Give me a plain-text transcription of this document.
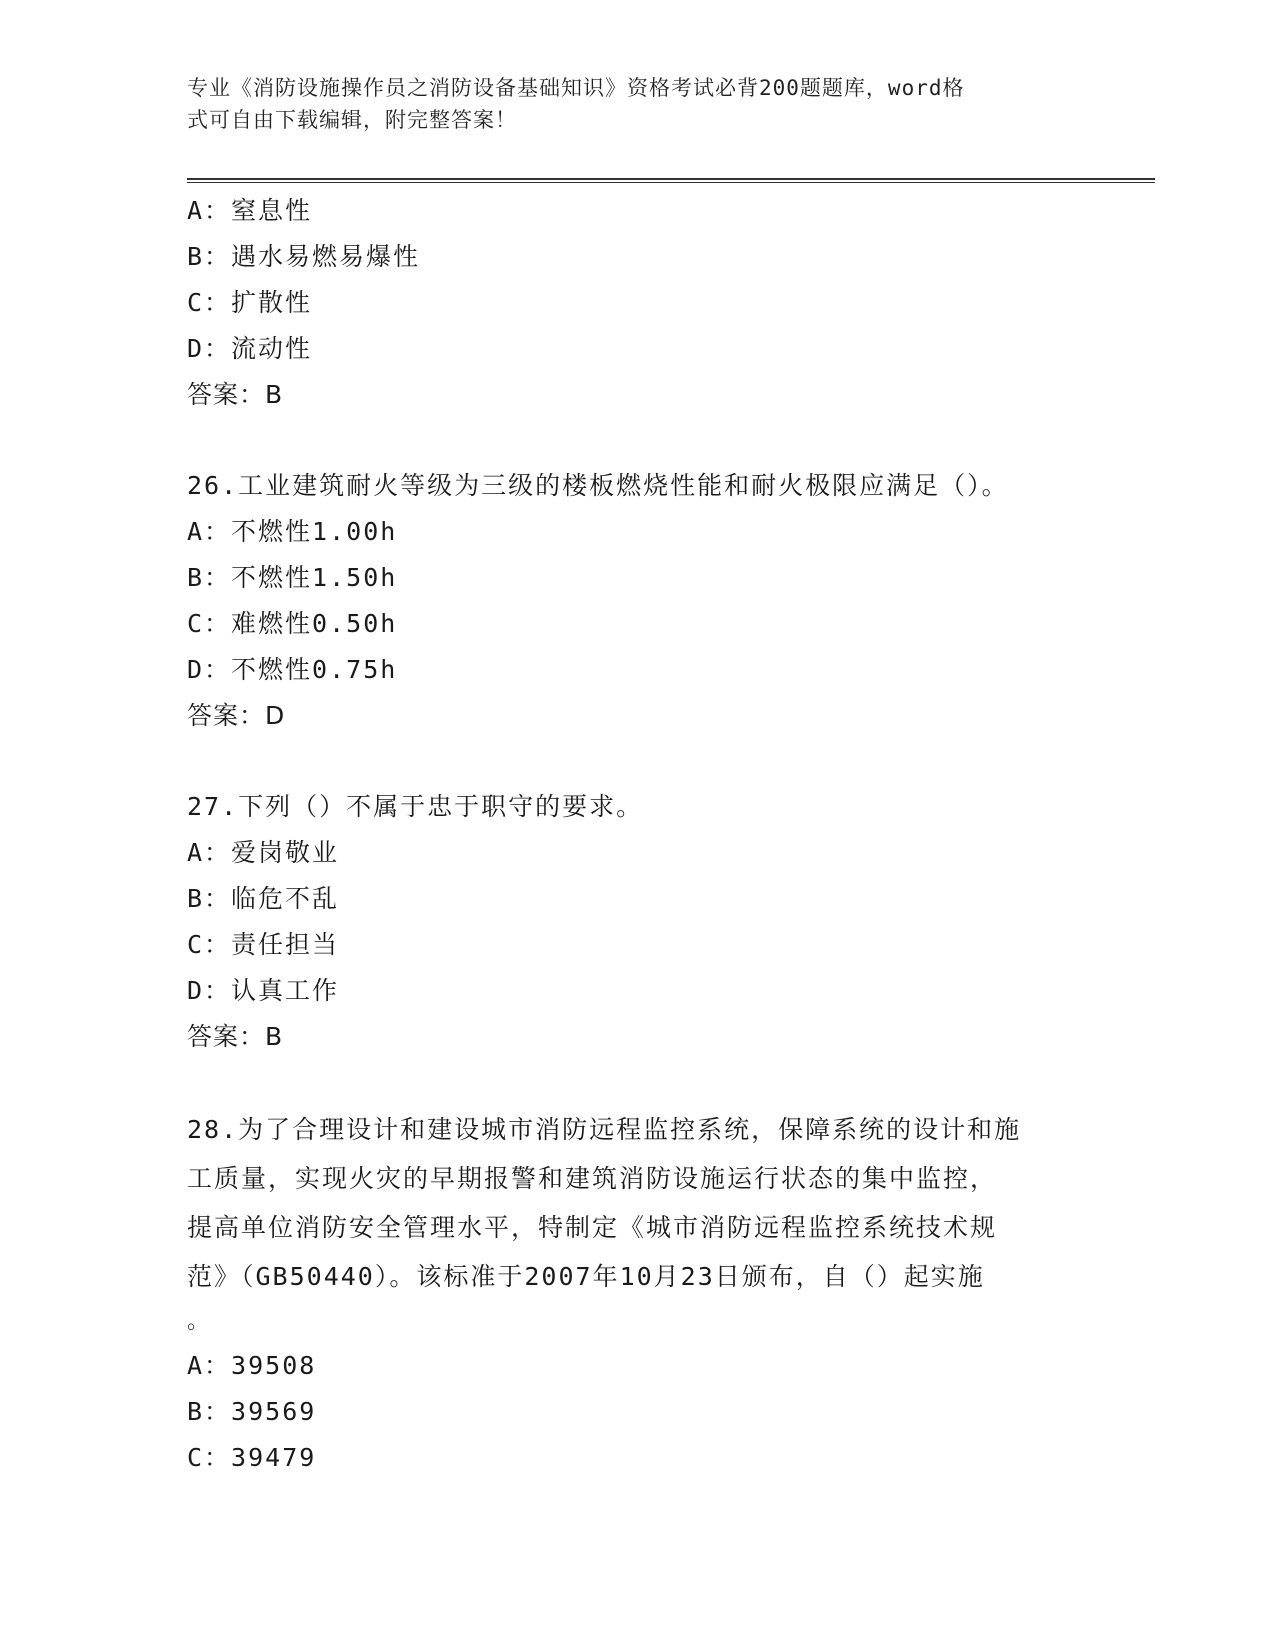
专业《消防设施操作员之消防设备基础知识》资格考试必背200题题库，word格
式可自由下载编辑，附完整答案！
A：窒息性
B：遇水易燃易爆性
C：扩散性
D：流动性
答案：B
26.工业建筑耐火等级为三级的楼板燃烧性能和耐火极限应满足（）。
A：不燃性1.00h
B：不燃性1.50h
C：难燃性0.50h
D：不燃性0.75h
答案：D
27.下列（）不属于忠于职守的要求。
A：爱岗敬业
B：临危不乱
C：责任担当
D：认真工作
答案：B
28.为了合理设计和建设城市消防远程监控系统，保障系统的设计和施
工质量，实现火灾的早期报警和建筑消防设施运行状态的集中监控，
提高单位消防安全管理水平，特制定《城市消防远程监控系统技术规
范》（GB50440）。该标准于2007年10月23日颁布，自（）起实施
。
A：39508
B：39569
C：39479
